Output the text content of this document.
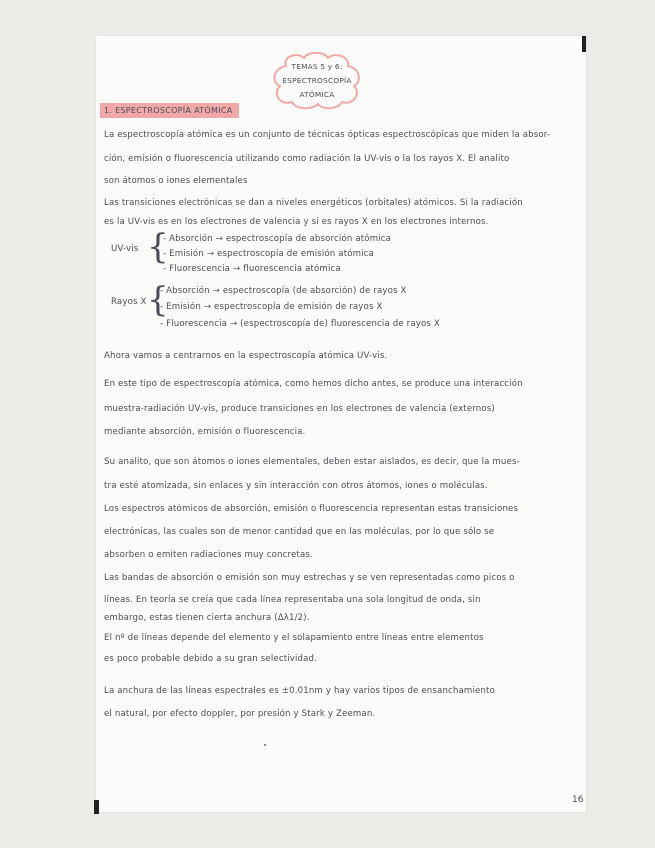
TEMAS 5 y 6:
ESPECTROSCOPÍA
ATÓMICA
1. ESPECTROSCOPÍA ATÓMICA
La espectroscopía atómica es un conjunto de técnicas ópticas espectroscópicas que miden la absor-
ción, emisión o fluorescencia utilizando como radiación la UV-vis o la los rayos X. El analito
son átomos o iones elementales
Las transiciones electrónicas se dan a niveles energéticos (orbitales) atómicos. Si la radiación
es la UV-vis es en los electrones de valencia y si es rayos X en los electrones internos.
UV-vis {
- Absorción → espectroscopía de absorción atómica
- Emisión → espectroscopía de emisión atómica
- Fluorescencia → fluorescencia atómica
Rayos X {
- Absorción → espectroscopía (de absorción) de rayos X
- Emisión → espectroscopía de emisión de rayos X
- Fluorescencia → (espectroscopía de) fluorescencia de rayos X
Ahora vamos a centrarnos en la espectroscopía atómica UV-vis.
En este tipo de espectroscopía atómica, como hemos dicho antes, se produce una interacción
muestra-radiación UV-vis, produce transiciones en los electrones de valencia (externos)
mediante absorción, emisión o fluorescencia.
Su analito, que son átomos o iones elementales, deben estar aislados, es decir, que la mues-
tra esté atomizada, sin enlaces y sin interacción con otros átomos, iones o moléculas.
Los espectros atómicos de absorción, emisión o fluorescencia representan estas transiciones
electrónicas, las cuales son de menor cantidad que en las moléculas, por lo que sólo se
absorben o emiten radiaciones muy concretas.
Las bandas de absorción o emisión son muy estrechas y se ven representadas como picos o
líneas. En teoría se creía que cada línea representaba una sola longitud de onda, sin
embargo, estas tienen cierta anchura (Δλ1/2).
El nº de líneas depende del elemento y el solapamiento entre líneas entre elementos
es poco probable debido a su gran selectividad.
La anchura de las líneas espectrales es ±0.01nm y hay varios tipos de ensanchamiento
el natural, por efecto doppler, por presión y Stark y Zeeman.
16
